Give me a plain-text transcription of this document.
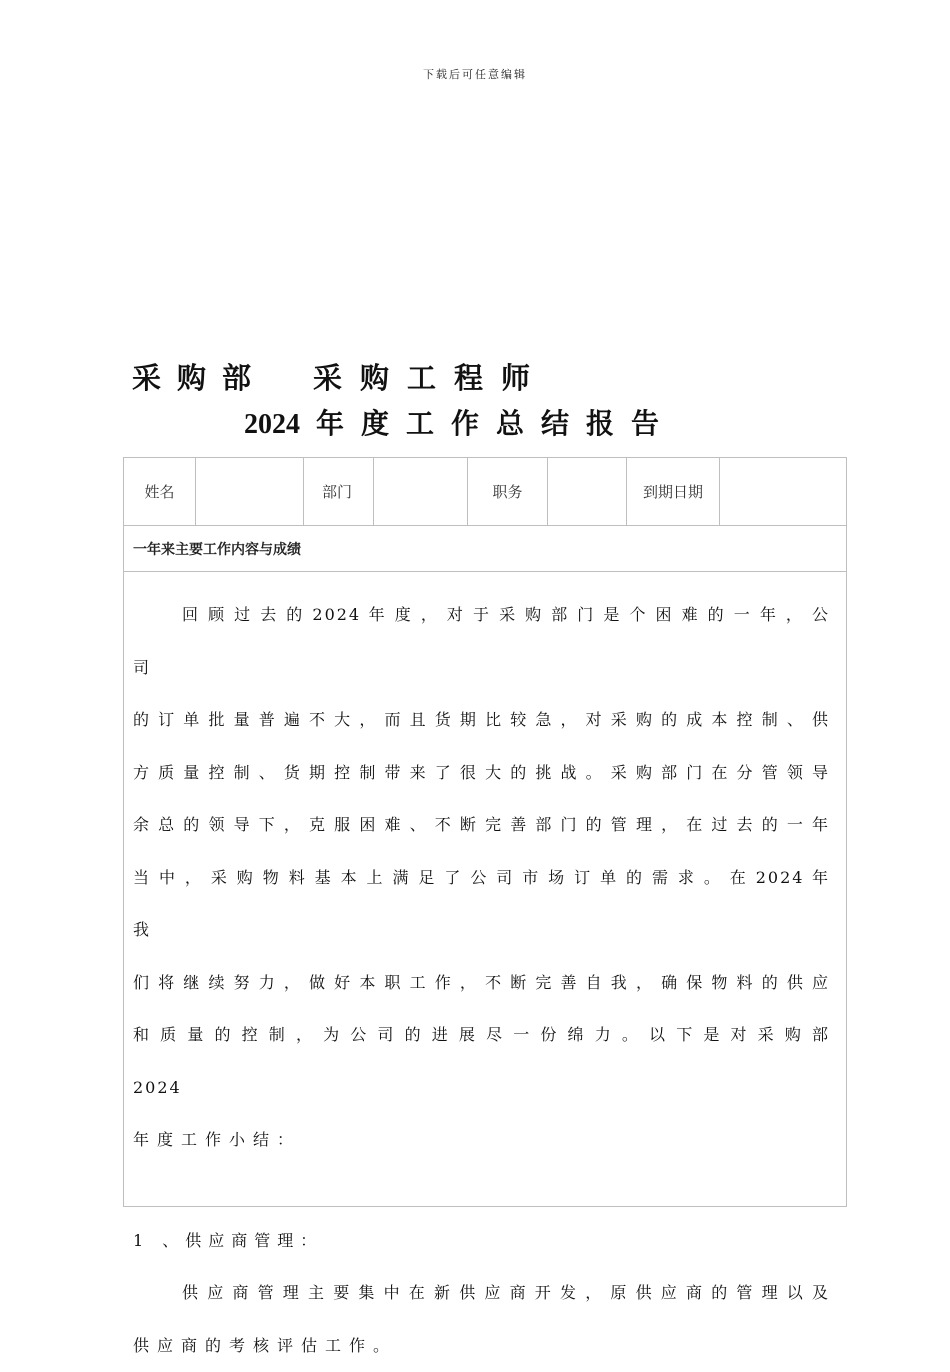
下载后可任意编辑
采购部 采购工程师
2024 年度工作总结报告
姓名	部门	职务	到期日期
一年来主要工作内容与成绩

回 顾 过 去 的 2024 年 度 ， 对 于 采 购 部 门 是 个 困 难 的 一 年 ， 公 司

的 订 单 批 量 普 遍 不 大 ， 而 且 货 期 比 较 急 ， 对 采 购 的 成 本 控 制 、 供

方 质 量 控 制 、 货 期 控 制 带 来 了 很 大 的 挑 战 。 采 购 部 门 在 分 管 领 导

余 总 的 领 导 下 ， 克 服 困 难 、 不 断 完 善 部 门 的 管 理 ， 在 过 去 的 一 年

当 中 ， 采 购 物 料 基 本 上 满 足 了 公 司 市 场 订 单 的 需 求 。 在 2024 年 我

们 将 继 续 努 力 ， 做 好 本 职 工 作 ， 不 断 完 善 自 我 ， 确 保 物 料 的 供 应

和 质 量 的 控 制 ， 为 公 司 的 进 展 尽 一 份 绵 力 。 以 下 是 对 采 购 部 2024

年度工作小结：

1 、供应商管理：

供 应 商 管 理 主 要 集 中 在 新 供 应 商 开 发 ， 原 供 应 商 的 管 理 以 及

供应商的考核评估工作。
